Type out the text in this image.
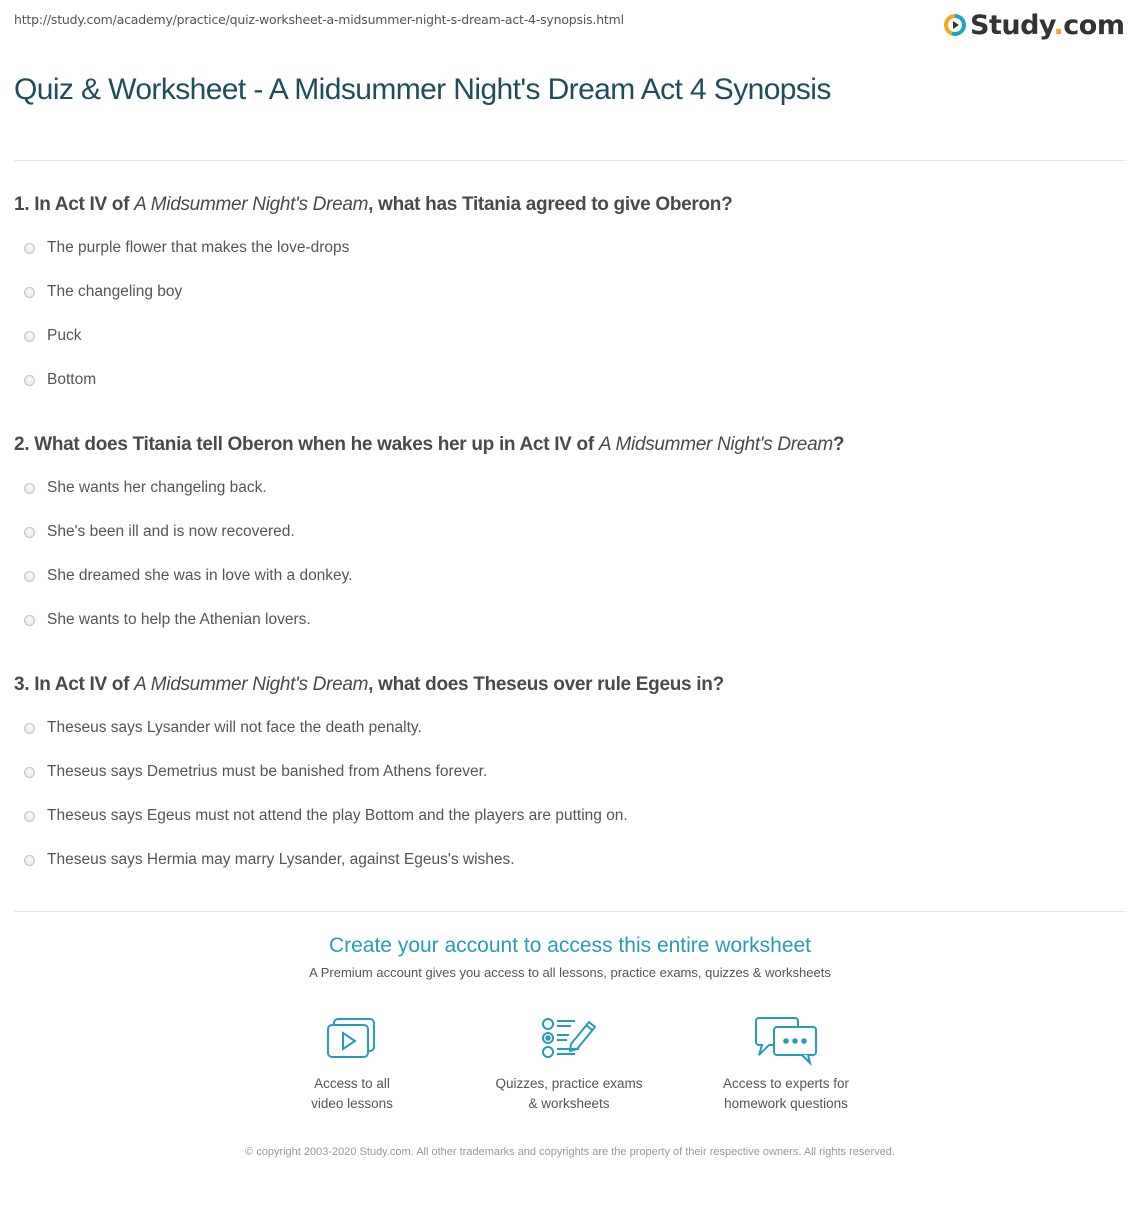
http://study.com/academy/practice/quiz-worksheet-a-midsummer-night-s-dream-act-4-synopsis.html	Study.com
Quiz & Worksheet - A Midsummer Night's Dream Act 4 Synopsis
1. In Act IV of A Midsummer Night's Dream, what has Titania agreed to give Oberon?
The purple flower that makes the love-drops
The changeling boy
Puck
Bottom
2. What does Titania tell Oberon when he wakes her up in Act IV of A Midsummer Night's Dream?
She wants her changeling back.
She's been ill and is now recovered.
She dreamed she was in love with a donkey.
She wants to help the Athenian lovers.
3. In Act IV of A Midsummer Night's Dream, what does Theseus over rule Egeus in?
Theseus says Lysander will not face the death penalty.
Theseus says Demetrius must be banished from Athens forever.
Theseus says Egeus must not attend the play Bottom and the players are putting on.
Theseus says Hermia may marry Lysander, against Egeus's wishes.
Create your account to access this entire worksheet
A Premium account gives you access to all lessons, practice exams, quizzes & worksheets
Access to all
video lessons
Quizzes, practice exams
& worksheets
Access to experts for
homework questions
© copyright 2003-2020 Study.com. All other trademarks and copyrights are the property of their respective owners. All rights reserved.
